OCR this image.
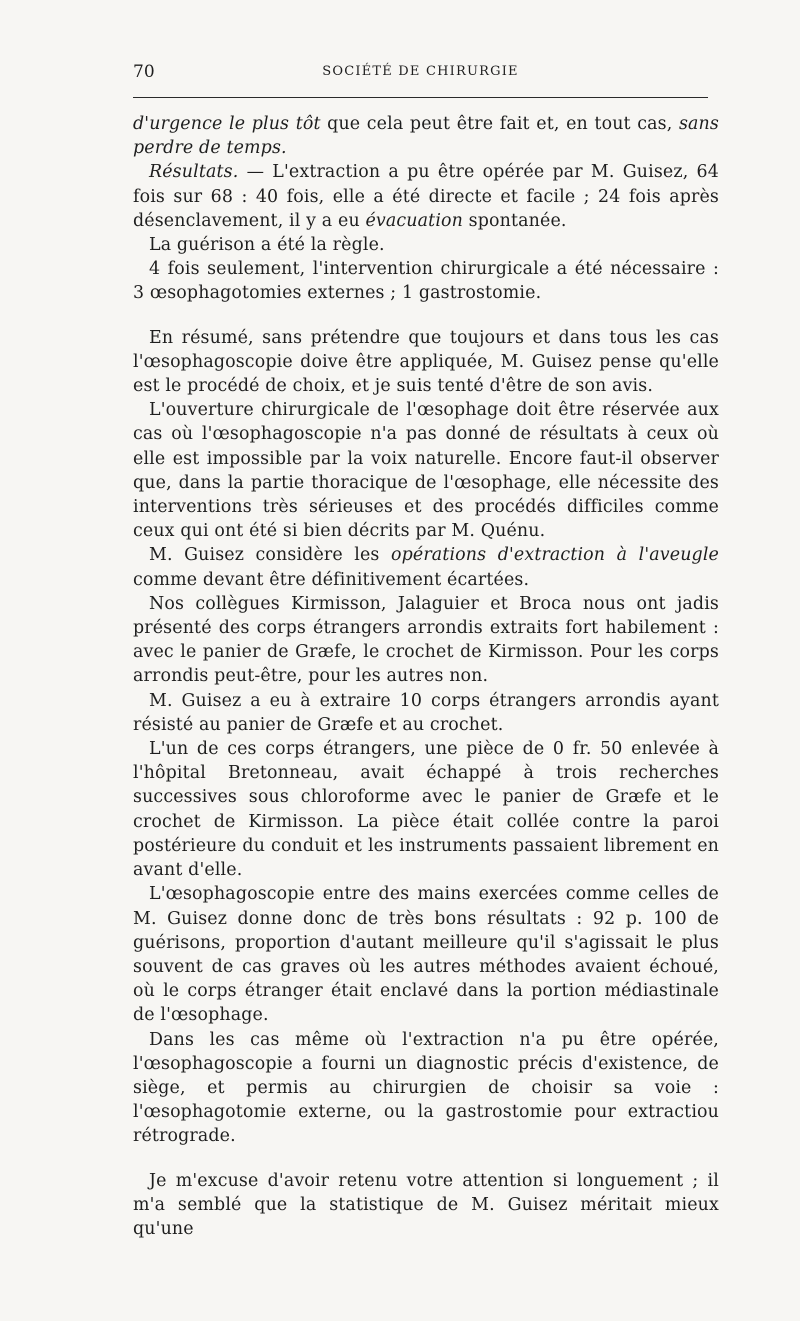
70	SOCIÉTÉ DE CHIRURGIE

d'urgence le plus tôt que cela peut être fait et, en tout cas, sans perdre de temps.

Résultats. — L'extraction a pu être opérée par M. Guisez, 64 fois sur 68 : 40 fois, elle a été directe et facile ; 24 fois après désenclavement, il y a eu évacuation spontanée.

La guérison a été la règle.

4 fois seulement, l'intervention chirurgicale a été nécessaire : 3 œsophagotomies externes ; 1 gastrostomie.

En résumé, sans prétendre que toujours et dans tous les cas l'œsophagoscopie doive être appliquée, M. Guisez pense qu'elle est le procédé de choix, et je suis tenté d'être de son avis.

L'ouverture chirurgicale de l'œsophage doit être réservée aux cas où l'œsophagoscopie n'a pas donné de résultats à ceux où elle est impossible par la voix naturelle. Encore faut-il observer que, dans la partie thoracique de l'œsophage, elle nécessite des interventions très sérieuses et des procédés difficiles comme ceux qui ont été si bien décrits par M. Quénu.

M. Guisez considère les opérations d'extraction à l'aveugle comme devant être définitivement écartées.

Nos collègues Kirmisson, Jalaguier et Broca nous ont jadis présenté des corps étrangers arrondis extraits fort habilement : avec le panier de Græfe, le crochet de Kirmisson. Pour les corps arrondis peut-être, pour les autres non.

M. Guisez a eu à extraire 10 corps étrangers arrondis ayant résisté au panier de Græfe et au crochet.

L'un de ces corps étrangers, une pièce de 0 fr. 50 enlevée à l'hôpital Bretonneau, avait échappé à trois recherches successives sous chloroforme avec le panier de Græfe et le crochet de Kirmisson. La pièce était collée contre la paroi postérieure du conduit et les instruments passaient librement en avant d'elle.

L'œsophagoscopie entre des mains exercées comme celles de M. Guisez donne donc de très bons résultats : 92 p. 100 de guérisons, proportion d'autant meilleure qu'il s'agissait le plus souvent de cas graves où les autres méthodes avaient échoué, où le corps étranger était enclavé dans la portion médiastinale de l'œsophage.

Dans les cas même où l'extraction n'a pu être opérée, l'œsophagoscopie a fourni un diagnostic précis d'existence, de siège, et permis au chirurgien de choisir sa voie : l'œsophagotomie externe, ou la gastrostomie pour extractiou rétrograde.

Je m'excuse d'avoir retenu votre attention si longuement ; il m'a semblé que la statistique de M. Guisez méritait mieux qu'une
